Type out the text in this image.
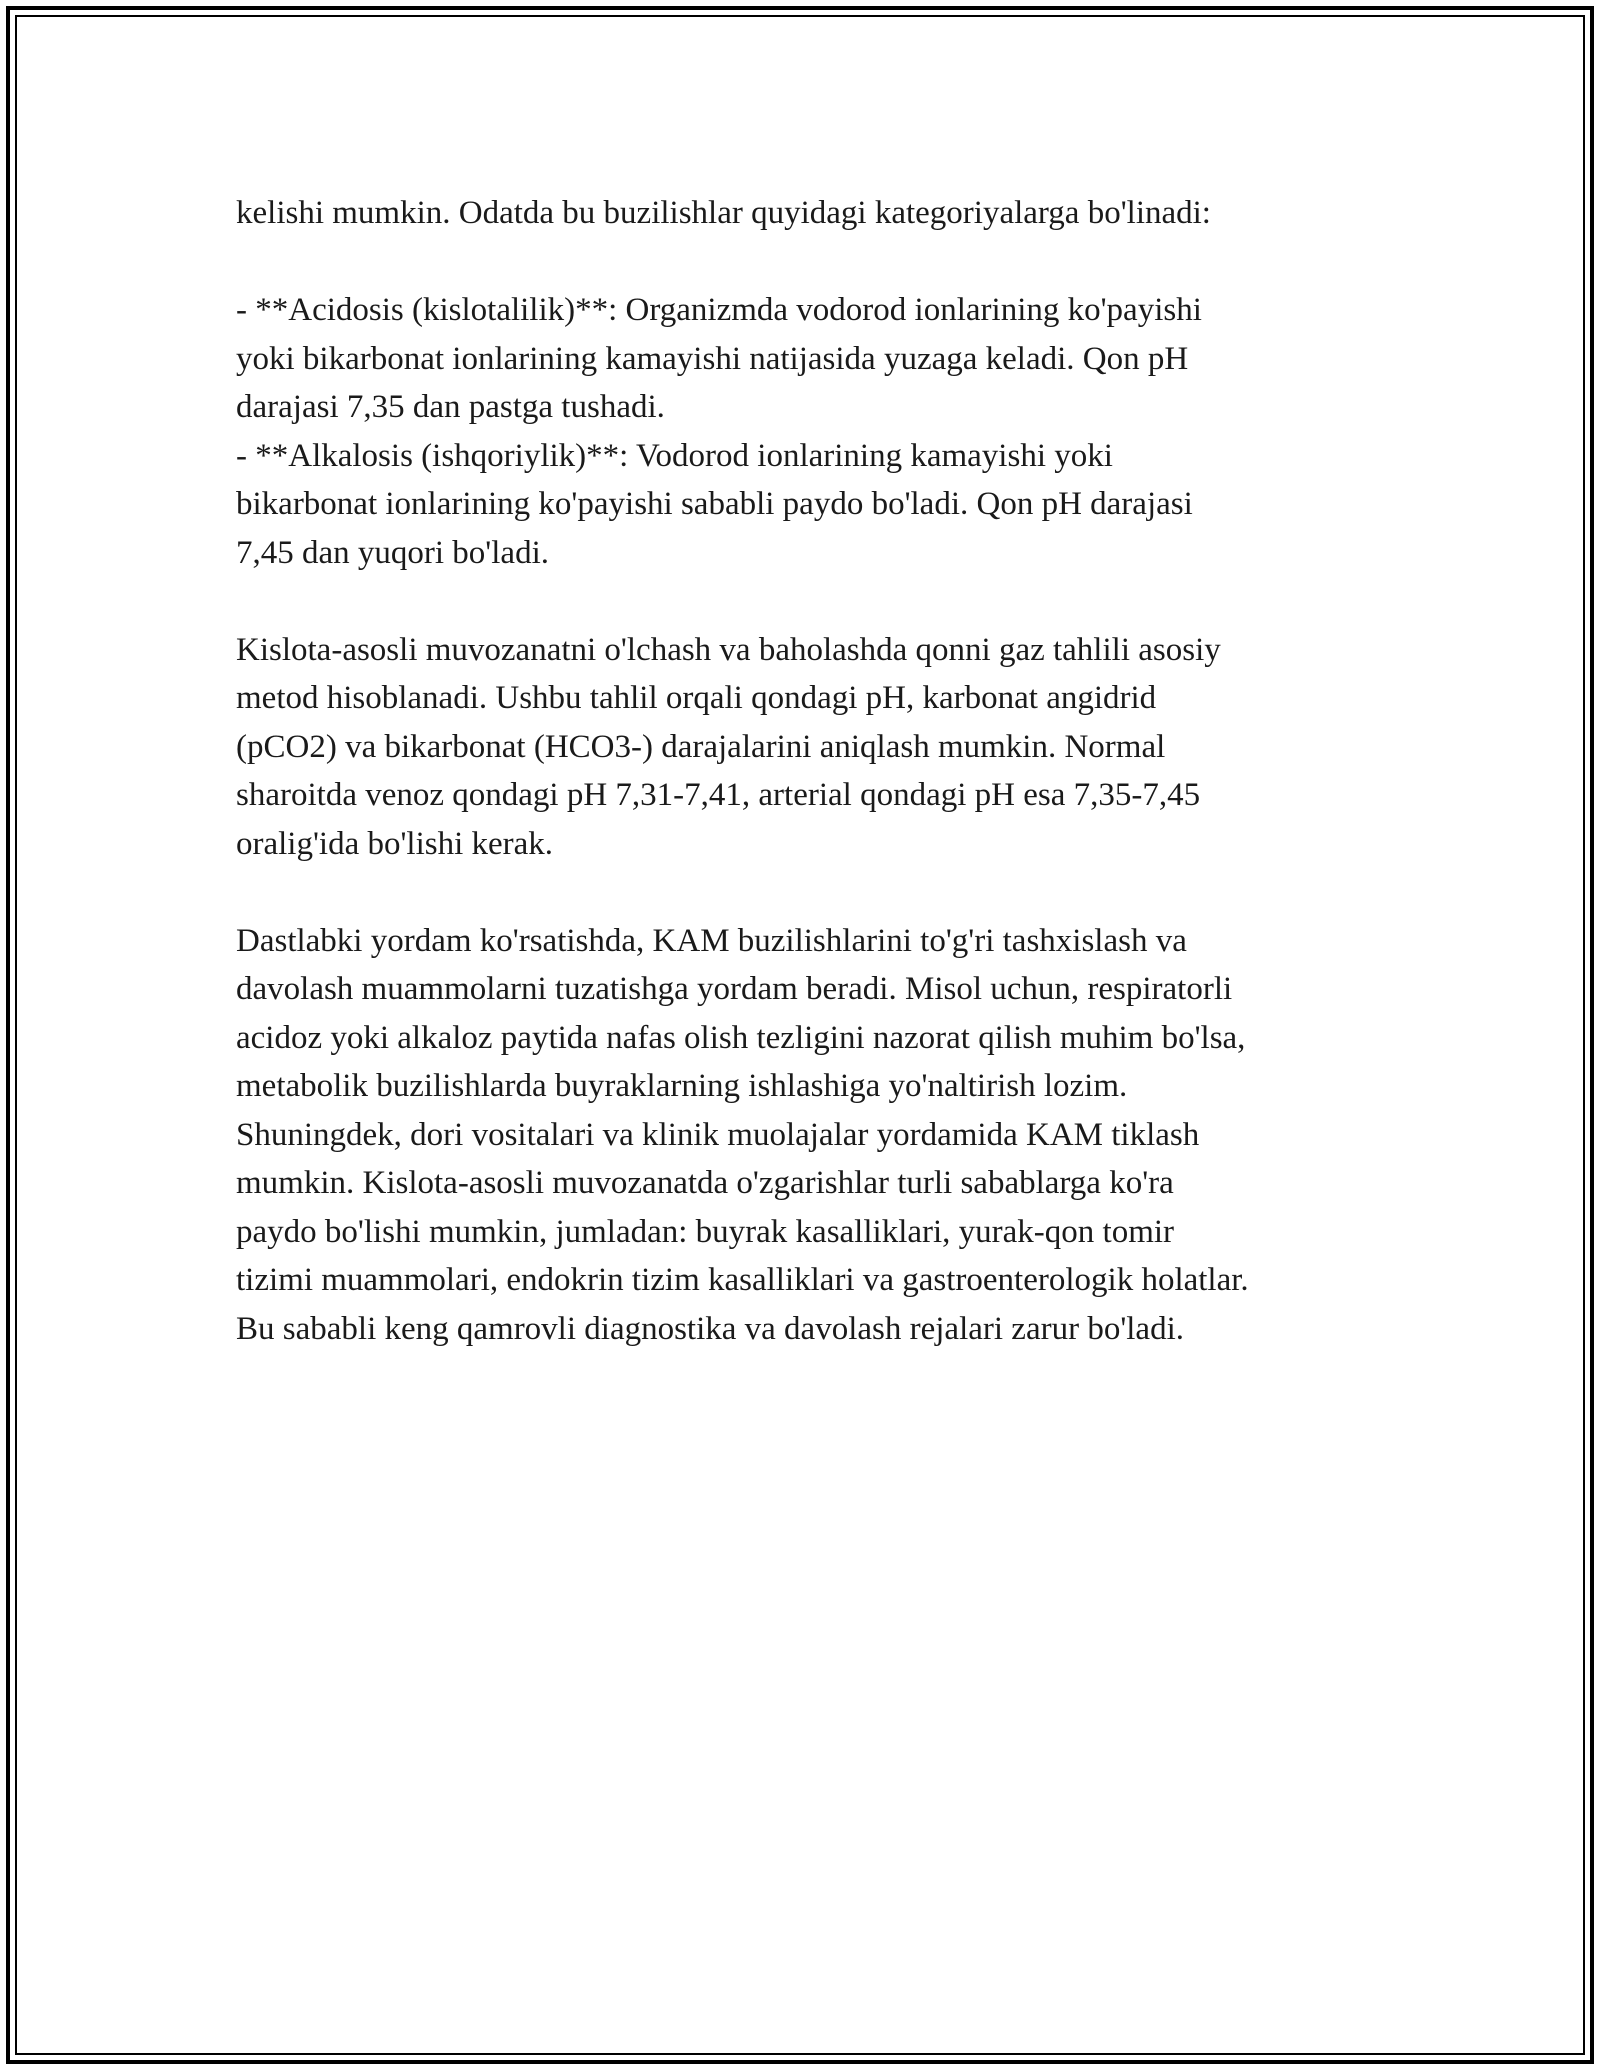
kelishi mumkin. Odatda bu buzilishlar quyidagi kategoriyalarga bo'linadi:
- **Acidosis (kislotalilik)**: Organizmda vodorod ionlarining ko'payishi
yoki bikarbonat ionlarining kamayishi natijasida yuzaga keladi. Qon pH
darajasi 7,35 dan pastga tushadi.
- **Alkalosis (ishqoriylik)**: Vodorod ionlarining kamayishi yoki
bikarbonat ionlarining ko'payishi sababli paydo bo'ladi. Qon pH darajasi
7,45 dan yuqori bo'ladi.
Kislota-asosli muvozanatni o'lchash va baholashda qonni gaz tahlili asosiy
metod hisoblanadi. Ushbu tahlil orqali qondagi pH, karbonat angidrid
(pCO2) va bikarbonat (HCO3-) darajalarini aniqlash mumkin. Normal
sharoitda venoz qondagi pH 7,31-7,41, arterial qondagi pH esa 7,35-7,45
oralig'ida bo'lishi kerak.
Dastlabki yordam ko'rsatishda, KAM buzilishlarini to'g'ri tashxislash va
davolash muammolarni tuzatishga yordam beradi. Misol uchun, respiratorli
acidoz yoki alkaloz paytida nafas olish tezligini nazorat qilish muhim bo'lsa,
metabolik buzilishlarda buyraklarning ishlashiga yo'naltirish lozim.
Shuningdek, dori vositalari va klinik muolajalar yordamida KAM tiklash
mumkin. Kislota-asosli muvozanatda o'zgarishlar turli sabablarga ko'ra
paydo bo'lishi mumkin, jumladan: buyrak kasalliklari, yurak-qon tomir
tizimi muammolari, endokrin tizim kasalliklari va gastroenterologik holatlar.
Bu sababli keng qamrovli diagnostika va davolash rejalari zarur bo'ladi.
